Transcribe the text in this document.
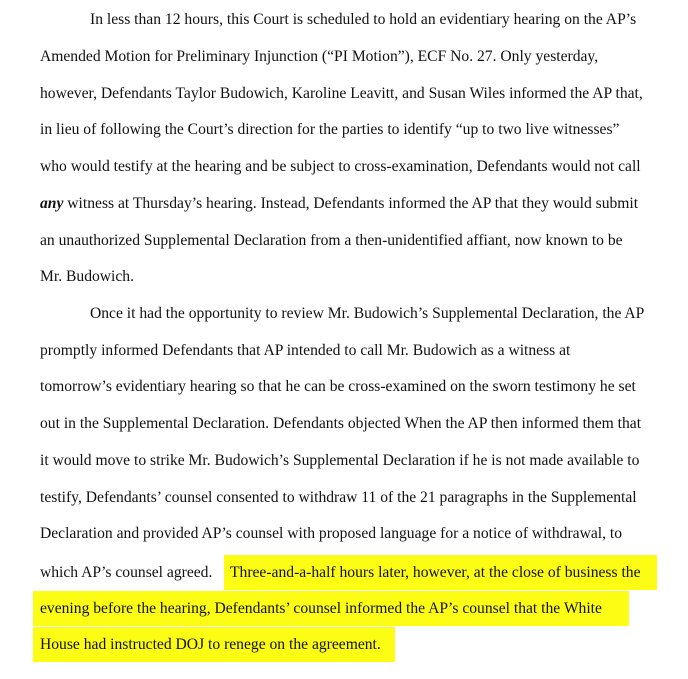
In less than 12 hours, this Court is scheduled to hold an evidentiary hearing on the AP’s
Amended Motion for Preliminary Injunction (“PI Motion”), ECF No. 27. Only yesterday,
however, Defendants Taylor Budowich, Karoline Leavitt, and Susan Wiles informed the AP that,
in lieu of following the Court’s direction for the parties to identify “up to two live witnesses”
who would testify at the hearing and be subject to cross-examination, Defendants would not call
any witness at Thursday’s hearing. Instead, Defendants informed the AP that they would submit
an unauthorized Supplemental Declaration from a then-unidentified affiant, now known to be
Mr. Budowich.
Once it had the opportunity to review Mr. Budowich’s Supplemental Declaration, the AP
promptly informed Defendants that AP intended to call Mr. Budowich as a witness at
tomorrow’s evidentiary hearing so that he can be cross-examined on the sworn testimony he set
out in the Supplemental Declaration. Defendants objected When the AP then informed them that
it would move to strike Mr. Budowich’s Supplemental Declaration if he is not made available to
testify, Defendants’ counsel consented to withdraw 11 of the 21 paragraphs in the Supplemental
Declaration and provided AP’s counsel with proposed language for a notice of withdrawal, to
which AP’s counsel agreed. Three-and-a-half hours later, however, at the close of business the
evening before the hearing, Defendants’ counsel informed the AP’s counsel that the White
House had instructed DOJ to renege on the agreement.
